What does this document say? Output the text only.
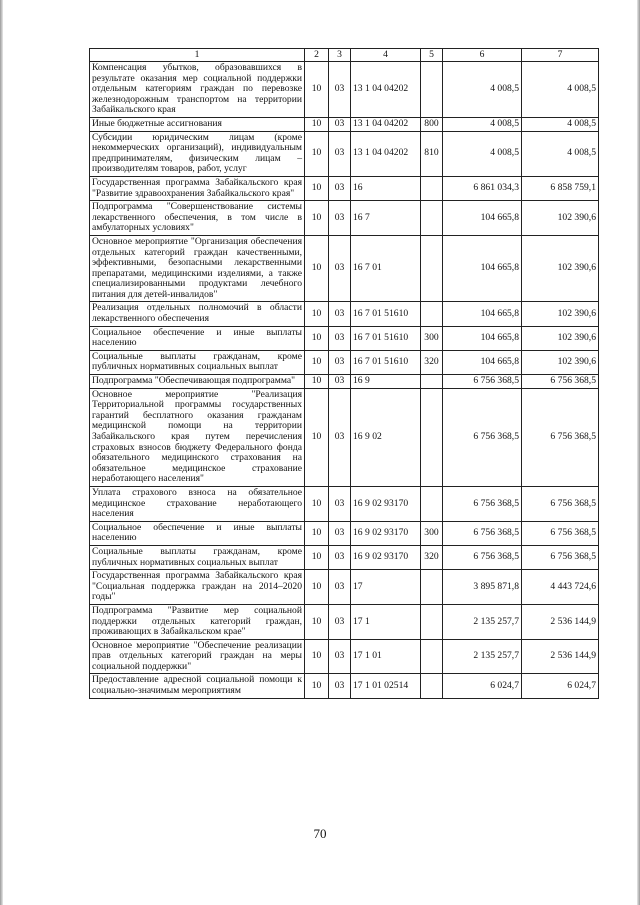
1	2	3	4	5	6	7
Компенсация убытков, образовавшихся в результате оказания мер социальной поддержки отдельным категориям граждан по перевозке железнодорожным транспортом на территории Забайкальского края	10	03	13 1 04 04202		4 008,5	4 008,5
Иные бюджетные ассигнования	10	03	13 1 04 04202	800	4 008,5	4 008,5
Субсидии юридическим лицам (кроме некоммерческих организаций), индивидуальным предпринимателям, физическим лицам – производителям товаров, работ, услуг	10	03	13 1 04 04202	810	4 008,5	4 008,5
Государственная программа Забайкальского края "Развитие здравоохранения Забайкальского края"	10	03	16		6 861 034,3	6 858 759,1
Подпрограмма "Совершенствование системы лекарственного обеспечения, в том числе в амбулаторных условиях"	10	03	16 7		104 665,8	102 390,6
Основное мероприятие "Организация обеспечения отдельных категорий граждан качественными, эффективными, безопасными лекарственными препаратами, медицинскими изделиями, а также специализированными продуктами лечебного питания для детей-инвалидов"	10	03	16 7 01		104 665,8	102 390,6
Реализация отдельных полномочий в области лекарственного обеспечения	10	03	16 7 01 51610		104 665,8	102 390,6
Социальное обеспечение и иные выплаты населению	10	03	16 7 01 51610	300	104 665,8	102 390,6
Социальные выплаты гражданам, кроме публичных нормативных социальных выплат	10	03	16 7 01 51610	320	104 665,8	102 390,6
Подпрограмма "Обеспечивающая подпрограмма"	10	03	16 9		6 756 368,5	6 756 368,5
Основное мероприятие "Реализация Территориальной программы государственных гарантий бесплатного оказания гражданам медицинской помощи на территории Забайкальского края путем перечисления страховых взносов бюджету Федерального фонда обязательного медицинского страхования на обязательное медицинское страхование неработающего населения"	10	03	16 9 02		6 756 368,5	6 756 368,5
Уплата страхового взноса на обязательное медицинское страхование неработающего населения	10	03	16 9 02 93170		6 756 368,5	6 756 368,5
Социальное обеспечение и иные выплаты населению	10	03	16 9 02 93170	300	6 756 368,5	6 756 368,5
Социальные выплаты гражданам, кроме публичных нормативных социальных выплат	10	03	16 9 02 93170	320	6 756 368,5	6 756 368,5
Государственная программа Забайкальского края "Социальная поддержка граждан на 2014–2020 годы"	10	03	17		3 895 871,8	4 443 724,6
Подпрограмма "Развитие мер социальной поддержки отдельных категорий граждан, проживающих в Забайкальском крае"	10	03	17 1		2 135 257,7	2 536 144,9
Основное мероприятие "Обеспечение реализации прав отдельных категорий граждан на меры социальной поддержки"	10	03	17 1 01		2 135 257,7	2 536 144,9
Предоставление адресной социальной помощи к социально-значимым мероприятиям	10	03	17 1 01 02514		6 024,7	6 024,7
70
